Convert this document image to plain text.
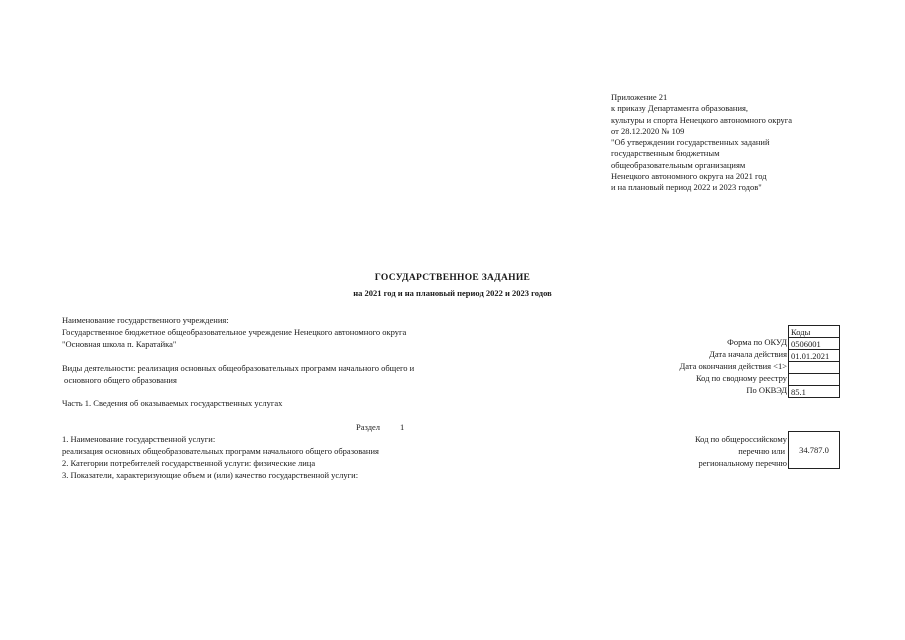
Приложение 21
к приказу Департамента образования,
культуры и спорта Ненецкого автономного округа
от 28.12.2020 № 109
"Об утверждении государственных заданий
государственным бюджетным
общеобразовательным организациям
Ненецкого автономного округа на 2021 год
и на плановый период 2022 и 2023 годов"
ГОСУДАРСТВЕННОЕ ЗАДАНИЕ
на 2021 год и на плановый период 2022 и 2023 годов
Наименование государственного учреждения:
Государственное бюджетное общеобразовательное учреждение Ненецкого автономного округа
"Основная школа п. Каратайка"
Виды деятельности: реализация основных общеобразовательных программ начального общего и
основного общего образования
Часть 1. Сведения об оказываемых государственных услугах
Коды
Форма по ОКУД 0506001
Дата начала действия 01.01.2021
Дата окончания действия <1>
Код по сводному реестру
По ОКВЭД 85.1
Раздел 1
1. Наименование государственной услуги:
реализация основных общеобразовательных программ начального общего образования
2. Категории потребителей государственной услуги: физические лица
3. Показатели, характеризующие объем и (или) качество государственной услуги:
Код по общероссийскому
перечню или
региональному перечню
34.787.0
